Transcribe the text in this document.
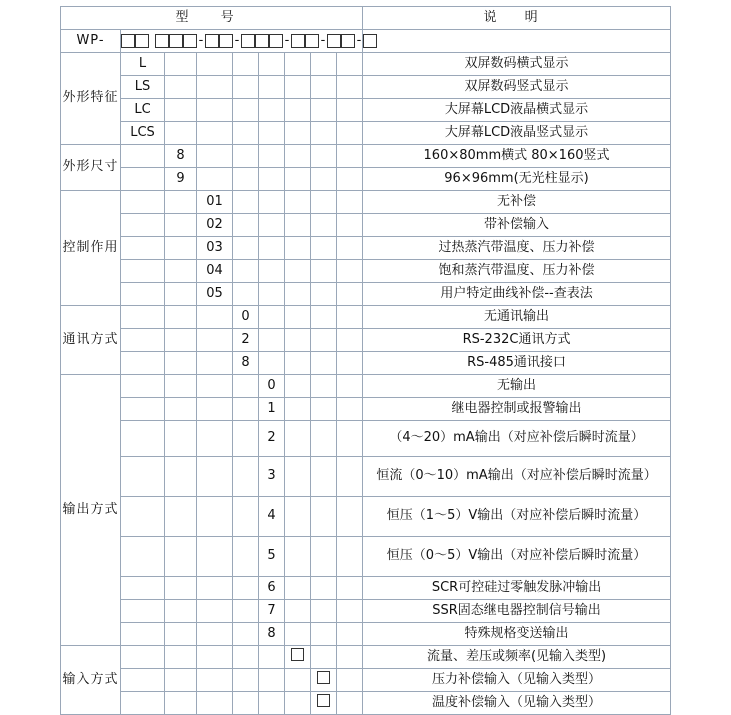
型 号									说 明
WP-	- - - - -								
外形特征	L								双屏数码横式显示
	LS								双屏数码竖式显示
	LC								大屏幕LCD液晶横式显示
	LCS								大屏幕LCD液晶竖式显示
外形尺寸		8							160×80mm横式 80×160竖式
		9							96×96mm(无光柱显示)
控制作用			01						无补偿
			02						带补偿输入
			03						过热蒸汽带温度、压力补偿
			04						饱和蒸汽带温度、压力补偿
			05						用户特定曲线补偿--查表法
通讯方式				0					无通讯输出
				2					RS-232C通讯方式
				8					RS-485通讯接口
输出方式					0				无输出
					1				继电器控制或报警输出
					2				（4～20）mA输出（对应补偿后瞬时流量）
					3				恒流（0～10）mA输出（对应补偿后瞬时流量）
					4				恒压（1～5）V输出（对应补偿后瞬时流量）
					5				恒压（0～5）V输出（对应补偿后瞬时流量）
					6				SCR可控硅过零触发脉冲输出
					7				SSR固态继电器控制信号输出
					8				特殊规格变送输出
输入方式									流量、差压或频率(见输入类型)
									压力补偿输入（见输入类型）
									温度补偿输入（见输入类型）
